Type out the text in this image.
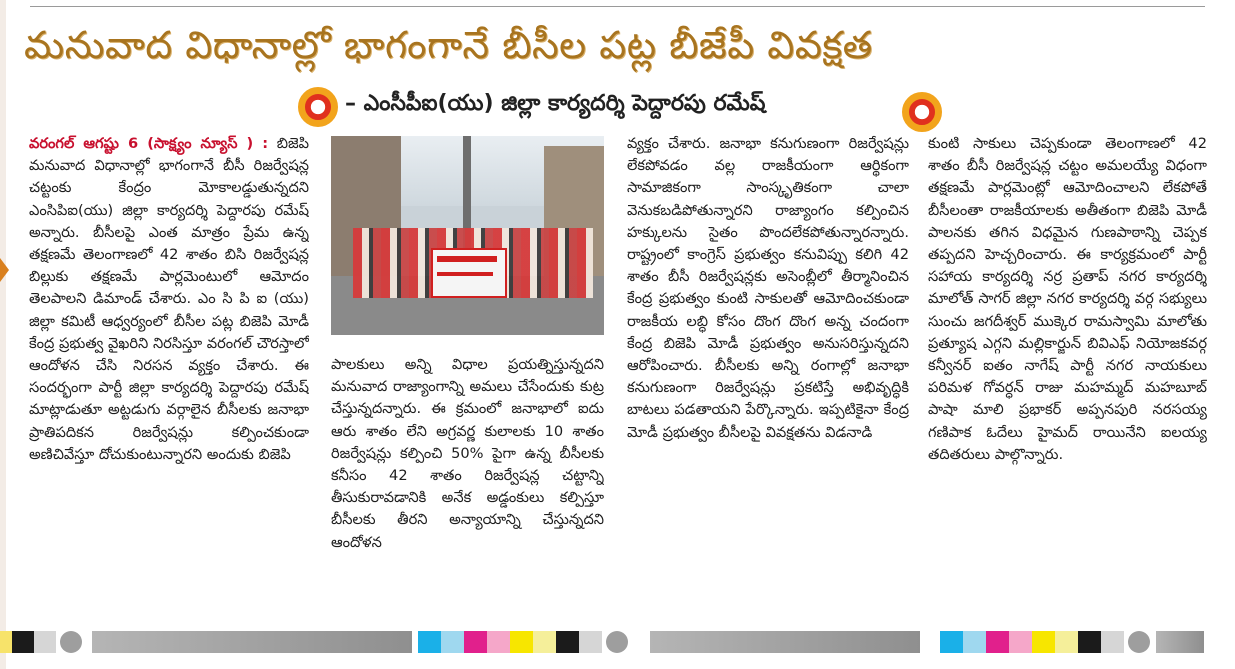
మనువాద విధానాల్లో భాగంగానే బీసీల పట్ల బీజేపీ వివక్షత
– ఎంసీపీఐ(యు) జిల్లా కార్యదర్శి పెద్దారపు రమేష్

వరంగల్ ఆగష్టు 6 (సాక్ష్యం న్యూస్ ) : బిజెపి మనువాద విధానాల్లో భాగంగానే బీసీ రిజర్వేషన్ల చట్టంకు కేంద్రం మోకాలడ్డుతున్నదని ఎంసిపిఐ(యు) జిల్లా కార్యదర్శి పెద్దారపు రమేష్ అన్నారు. బీసీలపై ఎంత మాత్రం ప్రేమ ఉన్న తక్షణమే తెలంగాణలో 42 శాతం బిసి రిజర్వేషన్ల బిల్లుకు తక్షణమే పార్లమెంటులో ఆమోదం తెలపాలని డిమాండ్ చేశారు. ఎం సి పి ఐ (యు) జిల్లా కమిటీ ఆధ్వర్యంలో బీసీల పట్ల బిజెపి మోడీ కేంద్ర ప్రభుత్వ వైఖరిని నిరసిస్తూ వరంగల్ చౌరస్తాలో ఆందోళన చేసి నిరసన వ్యక్తం చేశారు. ఈ సందర్భంగా పార్టీ జిల్లా కార్యదర్శి పెద్దారపు రమేష్ మాట్లాడుతూ అట్టడుగు వర్గాలైన బీసీలకు జనాభా ప్రాతిపదికన రిజర్వేషన్లు కల్పించకుండా అణిచివేస్తూ దోచుకుంటున్నారని అందుకు బిజెపి

పాలకులు అన్ని విధాల ప్రయత్నిస్తున్నదని మనువాద రాజ్యాంగాన్ని అమలు చేసేందుకు కుట్ర చేస్తున్నదన్నారు. ఈ క్రమంలో జనాభాలో ఐదు ఆరు శాతం లేని అగ్రవర్ణ కులాలకు 10 శాతం రిజర్వేషన్లు కల్పించి 50% పైగా ఉన్న బీసీలకు కనీసం 42 శాతం రిజర్వేషన్ల చట్టాన్ని తీసుకురావడానికి అనేక అడ్డంకులు కల్పిస్తూ బీసీలకు తీరని అన్యాయాన్ని చేస్తున్నదని ఆందోళన

వ్యక్తం చేశారు. జనాభా కనుగుణంగా రిజర్వేషన్లు లేకపోవడం వల్ల రాజకీయంగా ఆర్థికంగా సామాజికంగా సాంస్కృతికంగా చాలా వెనుకబడిపోతున్నారని రాజ్యాంగం కల్పించిన హక్కులను సైతం పొందలేకపోతున్నారన్నారు. రాష్ట్రంలో కాంగ్రెస్ ప్రభుత్వం కనువిప్పు కలిగి 42 శాతం బీసీ రిజర్వేషన్లకు అసెంబ్లీలో తీర్మానించిన కేంద్ర ప్రభుత్వం కుంటి సాకులతో ఆమోదించకుండా రాజకీయ లబ్ధి కోసం దొంగ దొంగ అన్న చందంగా కేంద్ర బిజెపి మోడీ ప్రభుత్వం అనుసరిస్తున్నదని ఆరోపించారు. బీసీలకు అన్ని రంగాల్లో జనాభా కనుగుణంగా రిజర్వేషన్లు ప్రకటిస్తే అభివృద్ధికి బాటలు పడతాయని పేర్కొన్నారు. ఇప్పటికైనా కేంద్ర మోడీ ప్రభుత్వం బీసీలపై వివక్షతను విడనాడి

కుంటి సాకులు చెప్పకుండా తెలంగాణలో 42 శాతం బీసీ రిజర్వేషన్ల చట్టం అమలయ్యే విధంగా తక్షణమే పార్లమెంట్లో ఆమోదించాలని లేకపోతే బీసీలంతా రాజకీయాలకు అతీతంగా బిజెపి మోడీ పాలనకు తగిన విధమైన గుణపాఠాన్ని చెప్పక తప్పదని హెచ్చరించారు. ఈ కార్యక్రమంలో పార్టీ సహాయ కార్యదర్శి నర్ర ప్రతాప్ నగర కార్యదర్శి మాలోత్ సాగర్ జిల్లా నగర కార్యదర్శి వర్గ సభ్యులు సుంచు జగదీశ్వర్ ముక్కెర రామస్వామి మాలోతు ప్రత్యూష ఎగ్గని మల్లికార్జున్ బివిఎఫ్ నియోజకవర్గ కన్వీనర్ ఐతం నాగేష్ పార్టీ నగర నాయకులు పరిమళ గోవర్ధన్ రాజు మహమ్మద్ మహబూబ్ పాషా మాలి ప్రభాకర్ అప్పనపురి నరసయ్య గణిపాక ఓదేలు హైమద్ రాయినేని ఐలయ్య తదితరులు పాల్గొన్నారు.
